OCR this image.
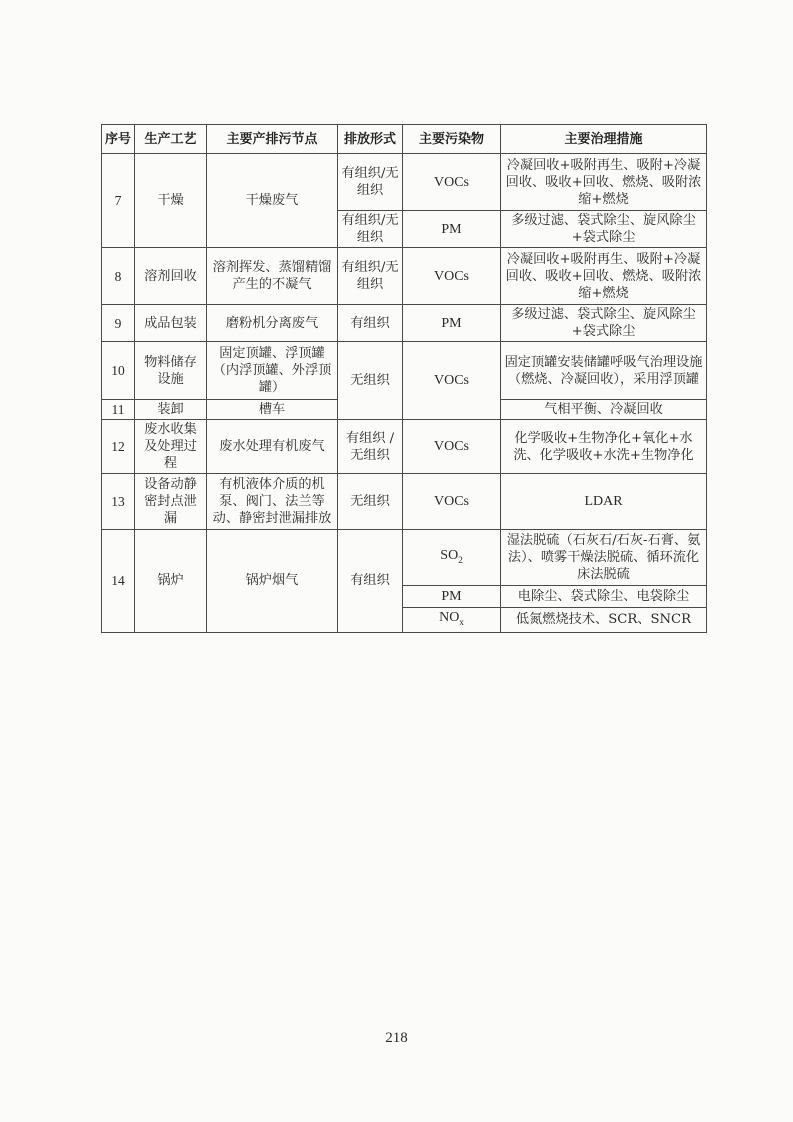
序号	生产工艺	主要产排污节点	排放形式	主要污染物	主要治理措施
7	干燥	干燥废气	有组织/无组织	VOCs	冷凝回收+吸附再生、吸附+冷凝回收、吸收+回收、燃烧、吸附浓缩+燃烧
			有组织/无组织	PM	多级过滤、袋式除尘、旋风除尘+袋式除尘
8	溶剂回收	溶剂挥发、蒸馏精馏产生的不凝气	有组织/无组织	VOCs	冷凝回收+吸附再生、吸附+冷凝回收、吸收+回收、燃烧、吸附浓缩+燃烧
9	成品包装	磨粉机分离废气	有组织	PM	多级过滤、袋式除尘、旋风除尘+袋式除尘
10	物料储存设施	固定顶罐、浮顶罐（内浮顶罐、外浮顶罐）	无组织	VOCs	固定顶罐安装储罐呼吸气治理设施（燃烧、冷凝回收），采用浮顶罐
11	装卸	槽车			气相平衡、冷凝回收
12	废水收集及处理过程	废水处理有机废气	有组织 / 无组织	VOCs	化学吸收+生物净化+氧化+水洗、化学吸收+水洗+生物净化
13	设备动静密封点泄漏	有机液体介质的机泵、阀门、法兰等动、静密封泄漏排放	无组织	VOCs	LDAR
14	锅炉	锅炉烟气	有组织	$SO_2$	湿法脱硫（石灰石/石灰-石膏、氨法）、喷雾干燥法脱硫、循环流化床法脱硫
				PM	电除尘、袋式除尘、电袋除尘
				$NO_x$	低氮燃烧技术、SCR、SNCR
218
